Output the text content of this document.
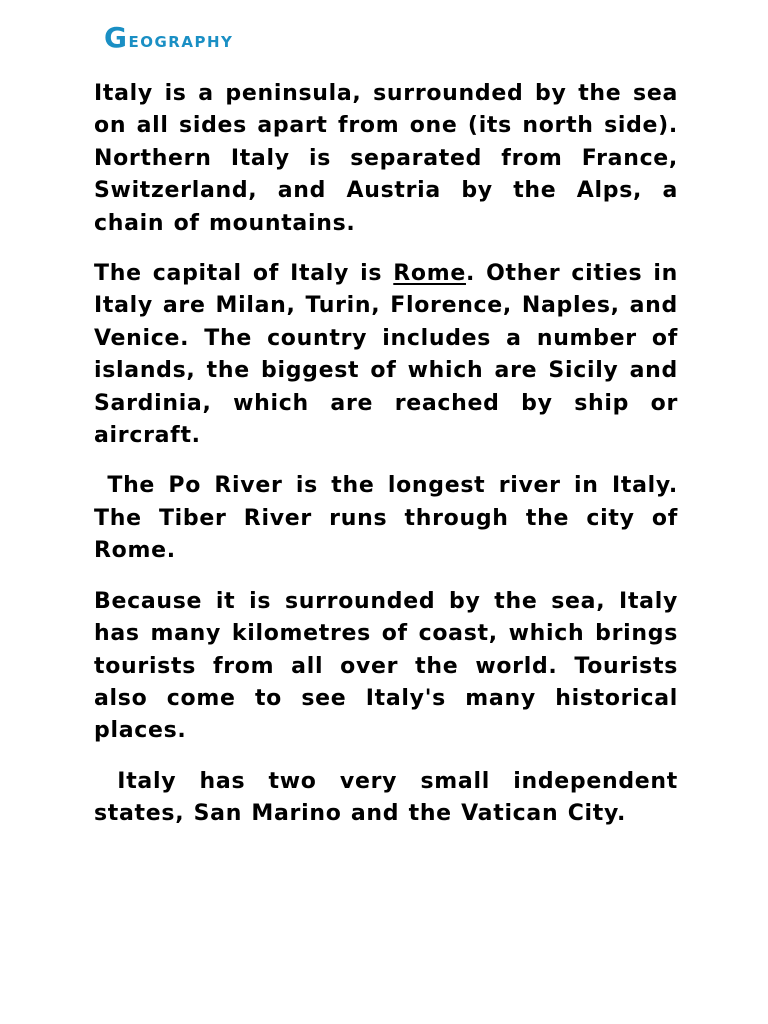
Geography

Italy is a peninsula, surrounded by the sea on all sides apart from one (its north side). Northern Italy is separated from France, Switzerland, and Austria by the Alps, a chain of mountains.

The capital of Italy is Rome. Other cities in Italy are Milan, Turin, Florence, Naples, and Venice. The country includes a number of islands, the biggest of which are Sicily and Sardinia, which are reached by ship or aircraft.

The Po River is the longest river in Italy. The Tiber River runs through the city of Rome.

Because it is surrounded by the sea, Italy has many kilometres of coast, which brings tourists from all over the world. Tourists also come to see Italy's many historical places.

Italy has two very small independent states, San Marino and the Vatican City.
